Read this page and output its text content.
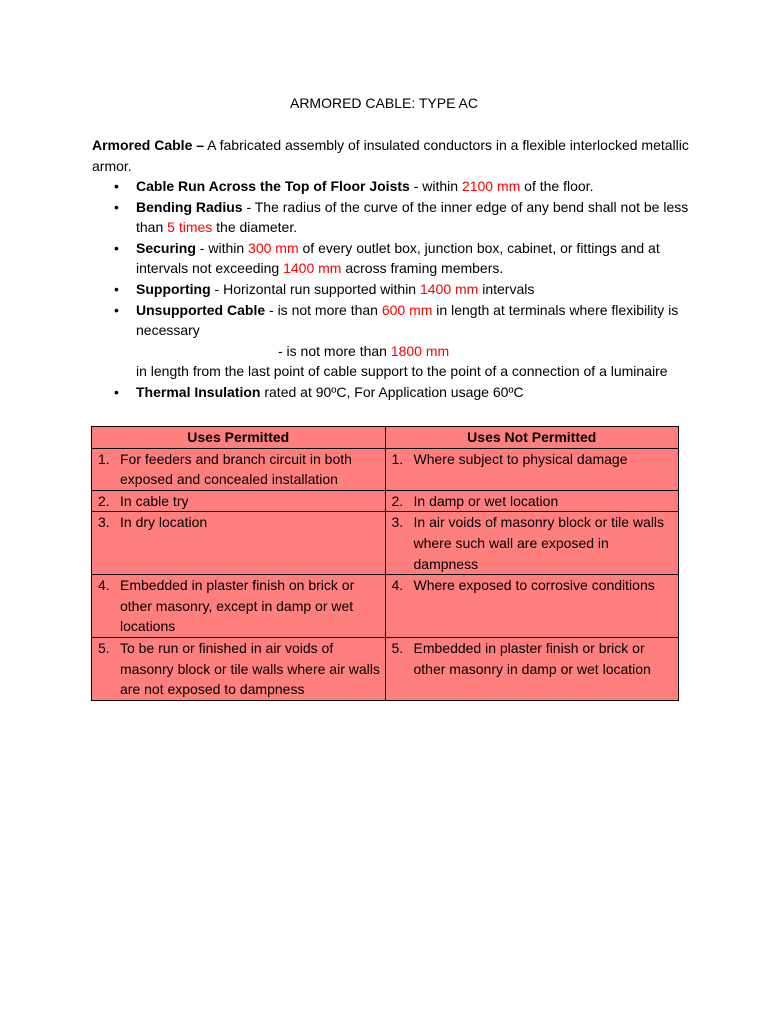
ARMORED CABLE: TYPE AC
Armored Cable – A fabricated assembly of insulated conductors in a flexible interlocked metallic armor.
• Cable Run Across the Top of Floor Joists - within 2100 mm of the floor.
• Bending Radius - The radius of the curve of the inner edge of any bend shall not be less than 5 times the diameter.
• Securing - within 300 mm of every outlet box, junction box, cabinet, or fittings and at intervals not exceeding 1400 mm across framing members.
• Supporting - Horizontal run supported within 1400 mm intervals
• Unsupported Cable - is not more than 600 mm in length at terminals where flexibility is necessary
- is not more than 1800 mm
in length from the last point of cable support to the point of a connection of a luminaire
• Thermal Insulation rated at 90ºC, For Application usage 60ºC
Uses Permitted	Uses Not Permitted

1. For feeders and branch circuit in both exposed and concealed installation	1. Where subject to physical damage

2. In cable try	2. In damp or wet location

3. In dry location	3. In air voids of masonry block or tile walls where such wall are exposed in dampness

4. Embedded in plaster finish on brick or other masonry, except in damp or wet locations	4. Where exposed to corrosive conditions

5. To be run or finished in air voids of masonry block or tile walls where air walls are not exposed to dampness	5. Embedded in plaster finish or brick or other masonry in damp or wet location
